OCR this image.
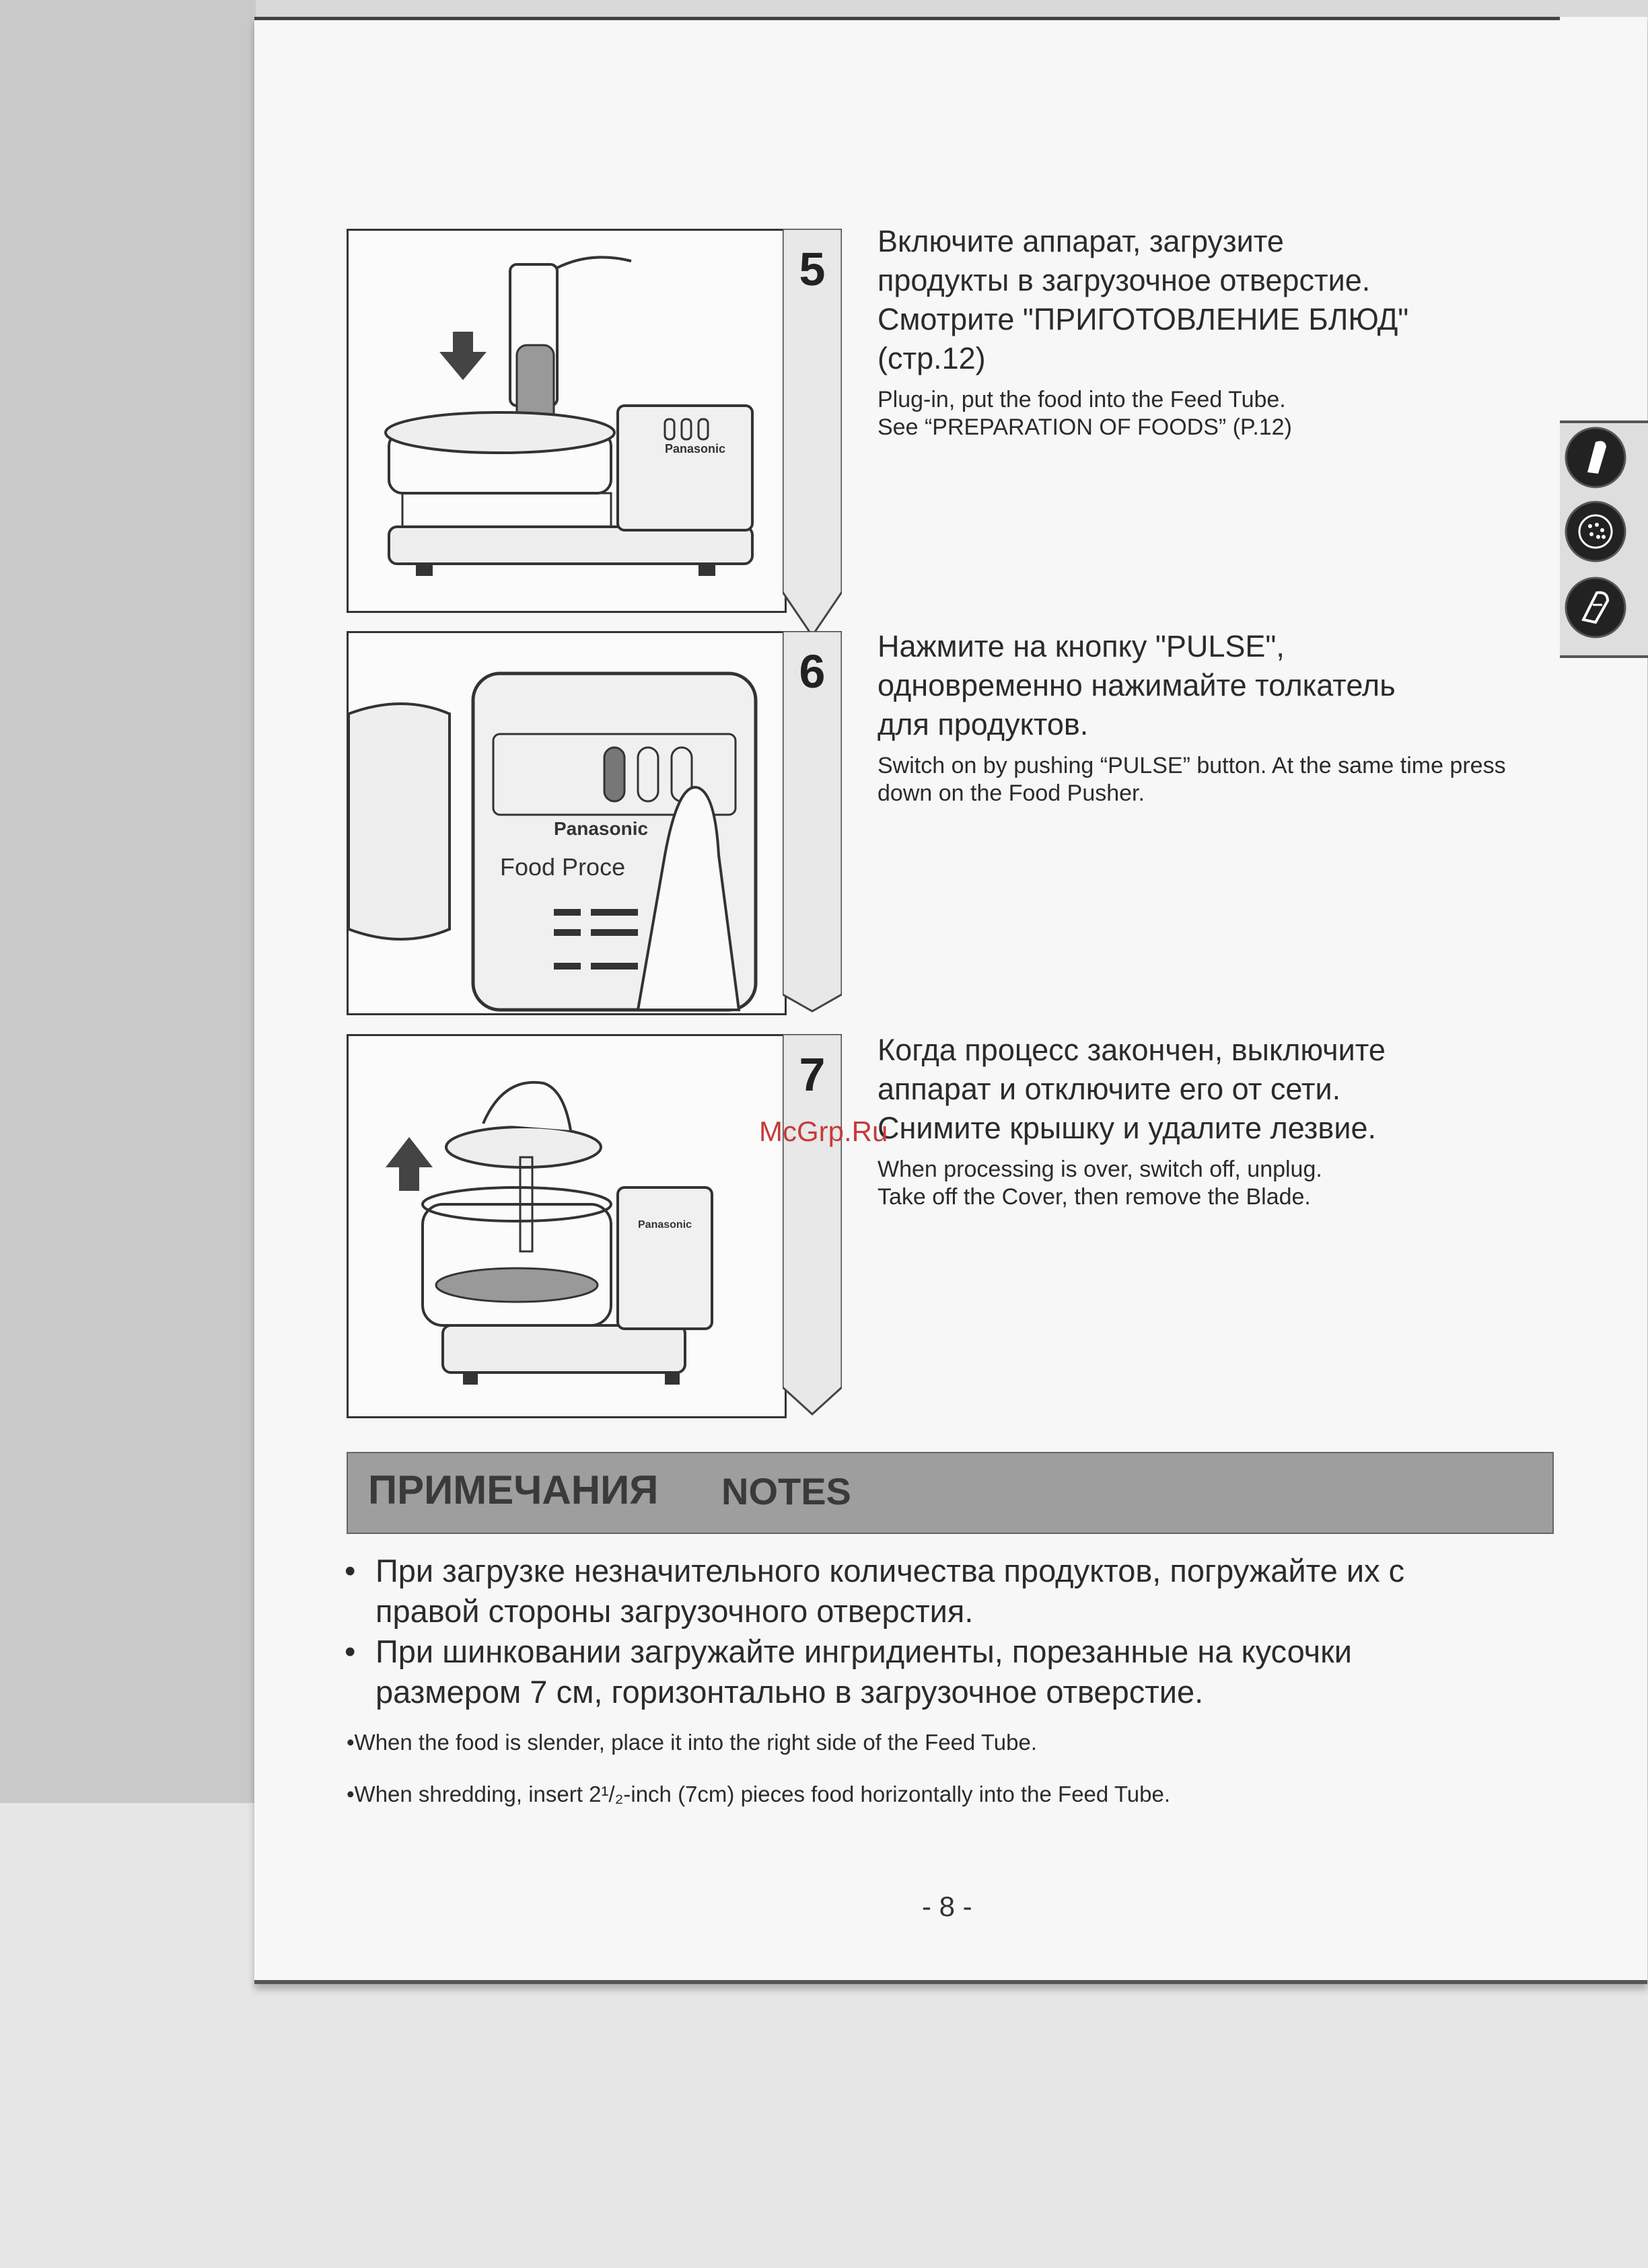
Panasonic
5
Включите аппарат, загрузите
продукты в загрузочное отверстие.
Смотрите "ПРИГОТОВЛЕНИЕ БЛЮД"
(стр.12)
Plug-in, put the food into the Feed Tube.
See “PREPARATION OF FOODS” (P.12)
Panasonic
Food Proce
6	Нажмите на кнопку "PULSE",
одновременно нажимайте толкатель
для продуктов.
Switch on by pushing “PULSE” button. At the same time press
down on the Food Pusher.
Panasonic
7	Когда процесс закончен, выключите
аппарат и отключите его от сети.
Снимите крышку и удалите лезвие.
When processing is over, switch off, unplug.
Take off the Cover, then remove the Blade.
McGrp.Ru
ПРИМЕЧАНИЯ NOTES
• При загрузке незначительного количества продуктов, погружайте их с
правой стороны загрузочного отверстия.
• При шинковании загружайте ингридиенты, порезанные на кусочки
размером 7 см, горизонтально в загрузочное отверстие.
•When the food is slender, place it into the right side of the Feed Tube.
•When shredding, insert 2¹/₂-inch (7cm) pieces food horizontally into the Feed Tube.
- 8 -
